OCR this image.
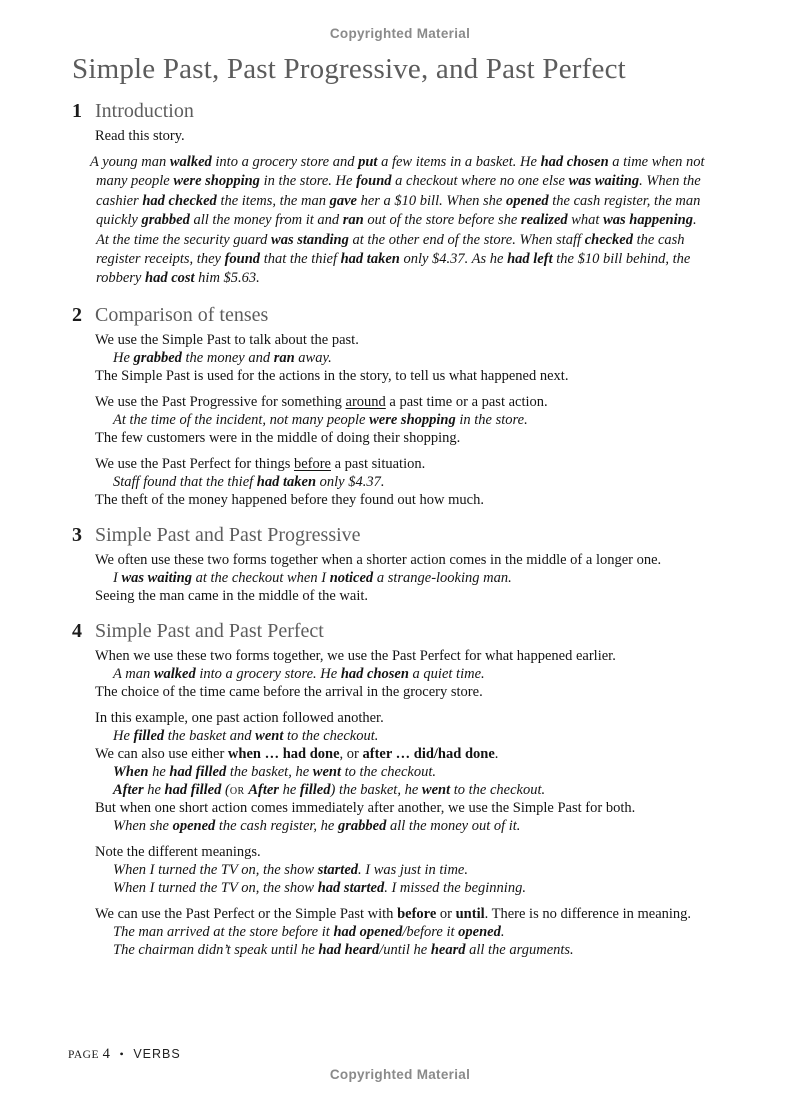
Copyrighted Material
Simple Past, Past Progressive, and Past Perfect
1 Introduction
Read this story.
A young man walked into a grocery store and put a few items in a basket. He had chosen a time when not
many people were shopping in the store. He found a checkout where no one else was waiting. When the
cashier had checked the items, the man gave her a $10 bill. When she opened the cash register, the man
quickly grabbed all the money from it and ran out of the store before she realized what was happening.
At the time the security guard was standing at the other end of the store. When staff checked the cash
register receipts, they found that the thief had taken only $4.37. As he had left the $10 bill behind, the
robbery had cost him $5.63.
2 Comparison of tenses
We use the Simple Past to talk about the past.
He grabbed the money and ran away.
The Simple Past is used for the actions in the story, to tell us what happened next.
We use the Past Progressive for something around a past time or a past action.
At the time of the incident, not many people were shopping in the store.
The few customers were in the middle of doing their shopping.
We use the Past Perfect for things before a past situation.
Staff found that the thief had taken only $4.37.
The theft of the money happened before they found out how much.
3 Simple Past and Past Progressive
We often use these two forms together when a shorter action comes in the middle of a longer one.
I was waiting at the checkout when I noticed a strange-looking man.
Seeing the man came in the middle of the wait.
4 Simple Past and Past Perfect
When we use these two forms together, we use the Past Perfect for what happened earlier.
A man walked into a grocery store. He had chosen a quiet time.
The choice of the time came before the arrival in the grocery store.
In this example, one past action followed another.
He filled the basket and went to the checkout.
We can also use either when … had done, or after … did/had done.
When he had filled the basket, he went to the checkout.
After he had filled (or After he filled) the basket, he went to the checkout.
But when one short action comes immediately after another, we use the Simple Past for both.
When she opened the cash register, he grabbed all the money out of it.
Note the different meanings.
When I turned the TV on, the show started. I was just in time.
When I turned the TV on, the show had started. I missed the beginning.
We can use the Past Perfect or the Simple Past with before or until. There is no difference in meaning.
The man arrived at the store before it had opened/before it opened.
The chairman didn’t speak until he had heard/until he heard all the arguments.
PAGE 4 • VERBS
Copyrighted Material
